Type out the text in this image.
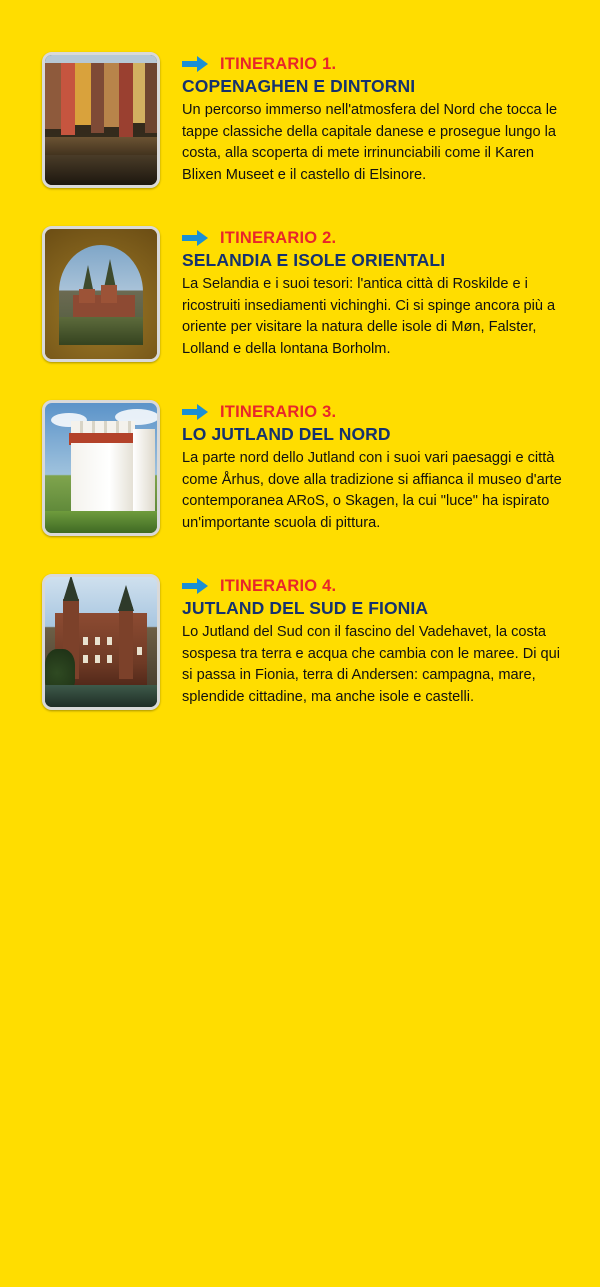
ITINERARIO 1.
COPENAGHEN E DINTORNI

Un percorso immerso nell'atmosfera del Nord che tocca le tappe classiche della capitale danese e prosegue lungo la costa, alla scoperta di mete irrinunciabili come il Karen Blixen Museet e il castello di Elsinore.

ITINERARIO 2.
SELANDIA E ISOLE ORIENTALI

La Selandia e i suoi tesori: l'antica città di Roskilde e i ricostruiti insediamenti vichinghi. Ci si spinge ancora più a oriente per visitare la natura delle isole di Møn, Falster, Lolland e della lontana Borholm.

ITINERARIO 3.
LO JUTLAND DEL NORD

La parte nord dello Jutland con i suoi vari paesaggi e città come Århus, dove alla tradizione si affianca il museo d'arte contemporanea ARoS, o Skagen, la cui "luce" ha ispirato un'importante scuola di pittura.

ITINERARIO 4.
JUTLAND DEL SUD E FIONIA

Lo Jutland del Sud con il fascino del Vadehavet, la costa sospesa tra terra e acqua che cambia con le maree. Di qui si passa in Fionia, terra di Andersen: campagna, mare, splendide cittadine, ma anche isole e castelli.
